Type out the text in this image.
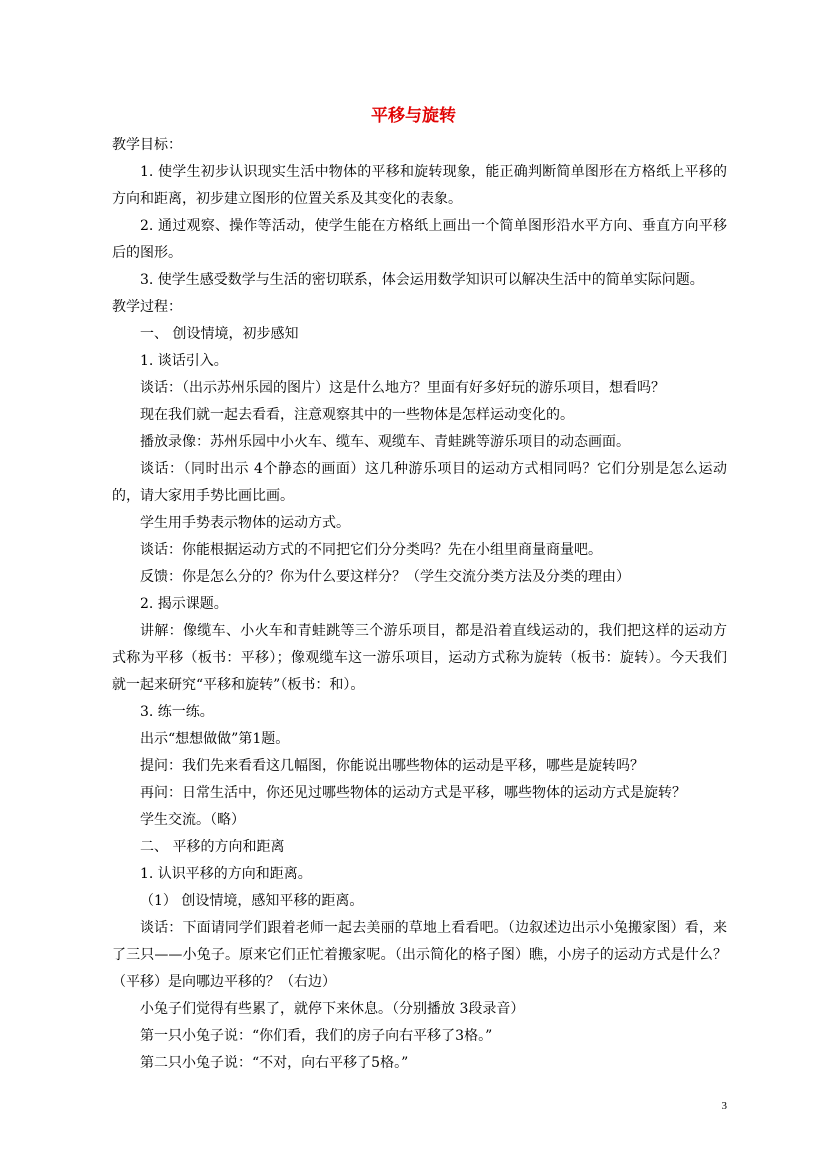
平移与旋转

教学目标：

1. 使学生初步认识现实生活中物体的平移和旋转现象，能正确判断简单图形在方格纸上平移的方向和距离，初步建立图形的位置关系及其变化的表象。

2. 通过观察、操作等活动，使学生能在方格纸上画出一个简单图形沿水平方向、垂直方向平移后的图形。

3. 使学生感受数学与生活的密切联系，体会运用数学知识可以解决生活中的简单实际问题。

教学过程：

一、 创设情境，初步感知

1. 谈话引入。

谈话：（出示苏州乐园的图片）这是什么地方？里面有好多好玩的游乐项目，想看吗？

现在我们就一起去看看，注意观察其中的一些物体是怎样运动变化的。

播放录像：苏州乐园中小火车、缆车、观缆车、青蛙跳等游乐项目的动态画面。

谈话：（同时出示 4个静态的画面）这几种游乐项目的运动方式相同吗？它们分别是怎么运动的，请大家用手势比画比画。

学生用手势表示物体的运动方式。

谈话：你能根据运动方式的不同把它们分分类吗？先在小组里商量商量吧。

反馈：你是怎么分的？你为什么要这样分？（学生交流分类方法及分类的理由）

2. 揭示课题。

讲解：像缆车、小火车和青蛙跳等三个游乐项目，都是沿着直线运动的，我们把这样的运动方式称为平移（板书：平移）；像观缆车这一游乐项目，运动方式称为旋转（板书：旋转）。今天我们就一起来研究“平移和旋转”（板书：和）。

3. 练一练。

出示“想想做做”第1题。

提问：我们先来看看这几幅图，你能说出哪些物体的运动是平移，哪些是旋转吗？

再问：日常生活中，你还见过哪些物体的运动方式是平移，哪些物体的运动方式是旋转？

学生交流。（略）

二、 平移的方向和距离

1. 认识平移的方向和距离。

（1） 创设情境，感知平移的距离。

谈话：下面请同学们跟着老师一起去美丽的草地上看看吧。（边叙述边出示小兔搬家图）看，来了三只——小兔子。原来它们正忙着搬家呢。（出示简化的格子图）瞧，小房子的运动方式是什么？（平移）是向哪边平移的？（右边）

小兔子们觉得有些累了，就停下来休息。（分别播放 3段录音）

第一只小兔子说：“你们看，我们的房子向右平移了3格。”

第二只小兔子说：“不对，向右平移了5格。”

3
